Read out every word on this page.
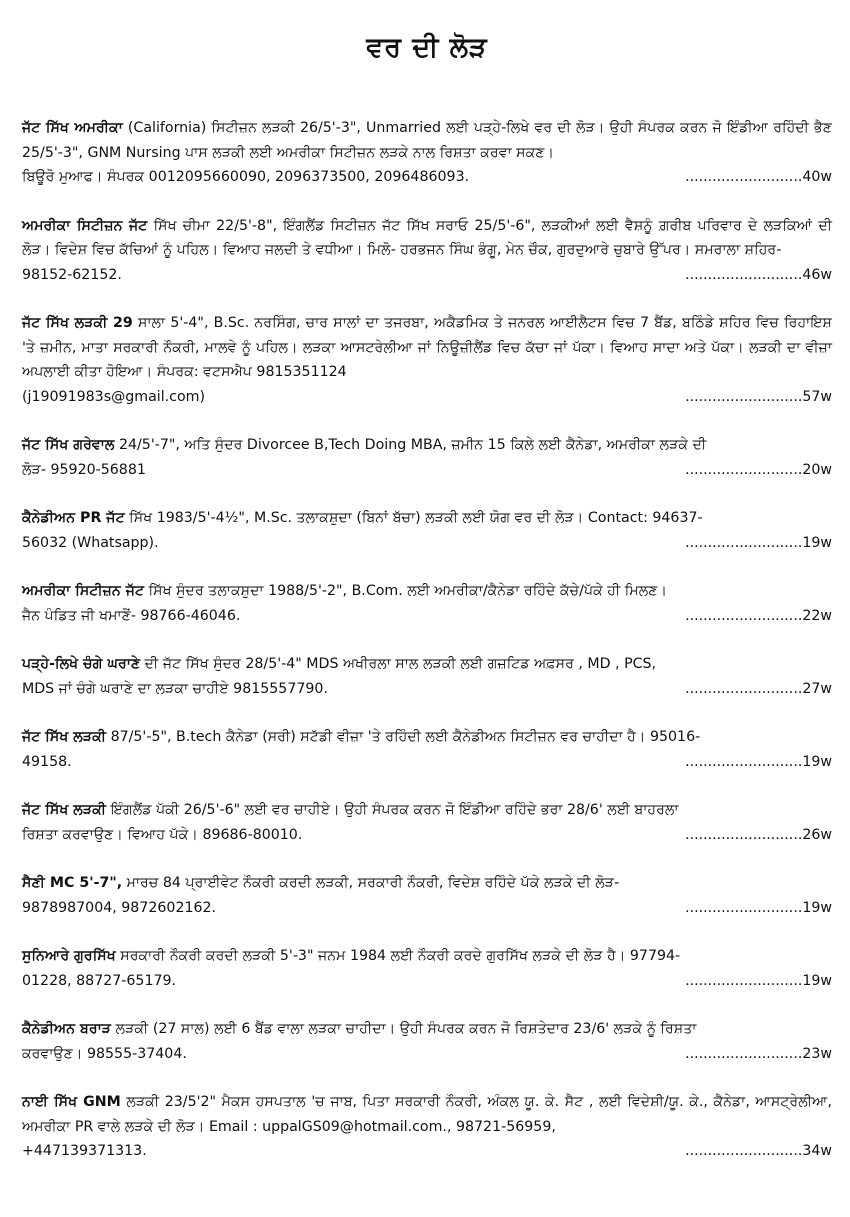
ਵਰ ਦੀ ਲੋੜ
ਜੱਟ ਸਿੱਖ ਅਮਰੀਕਾ (California) ਸਿਟੀਜ਼ਨ ਲੜਕੀ 26/5'-3", Unmarried ਲਈ ਪੜ੍ਹੇ-ਲਿਖੇ ਵਰ ਦੀ ਲੋੜ। ਉਹੀ ਸੰਪਰਕ ਕਰਨ ਜੋ ਇੰਡੀਆ ਰਹਿੰਦੀ ਭੈਣ 25/5'-3", GNM Nursing ਪਾਸ ਲੜਕੀ ਲਈ ਅਮਰੀਕਾ ਸਿਟੀਜ਼ਨ ਲੜਕੇ ਨਾਲ ਰਿਸ਼ਤਾ ਕਰਵਾ ਸਕਣ।
ਬਿਊਰੋ ਮੁਆਫ। ਸੰਪਰਕ 0012095660090, 2096373500, 2096486093.	..........................40w
ਅਮਰੀਕਾ ਸਿਟੀਜ਼ਨ ਜੱਟ ਸਿੱਖ ਚੀਮਾ 22/5'-8", ਇੰਗਲੈਂਡ ਸਿਟੀਜ਼ਨ ਜੱਟ ਸਿੱਖ ਸਰਾਓ 25/5'-6", ਲੜਕੀਆਂ ਲਈ ਵੈਸ਼ਨੂੰ ਗ਼ਰੀਬ ਪਰਿਵਾਰ ਦੇ ਲੜਕਿਆਂ ਦੀ ਲੋੜ। ਵਿਦੇਸ਼ ਵਿਚ ਕੱਚਿਆਂ ਨੂੰ ਪਹਿਲ। ਵਿਆਹ ਜਲਦੀ ਤੇ ਵਧੀਆ। ਮਿਲੋ- ਹਰਭਜਨ ਸਿੰਘ ਭੰਗੂ, ਮੇਨ ਚੌਕ, ਗੁਰਦੁਆਰੇ ਚੁਬਾਰੇ ਉੱਪਰ। ਸਮਰਾਲਾ ਸ਼ਹਿਰ-
98152-62152.	..........................46w
ਜੱਟ ਸਿੱਖ ਲੜਕੀ 29 ਸਾਲਾ 5'-4", B.Sc. ਨਰਸਿੰਗ, ਚਾਰ ਸਾਲਾਂ ਦਾ ਤਜਰਬਾ, ਅਕੈਡਮਿਕ ਤੇ ਜਨਰਲ ਆਈਲੈਟਸ ਵਿਚ 7 ਬੈਂਡ, ਬਠਿੰਡੇ ਸ਼ਹਿਰ ਵਿਚ ਰਿਹਾਇਸ਼ 'ਤੇ ਜ਼ਮੀਨ, ਮਾਤਾ ਸਰਕਾਰੀ ਨੌਕਰੀ, ਮਾਲਵੇ ਨੂੰ ਪਹਿਲ। ਲੜਕਾ ਆਸਟਰੇਲੀਆ ਜਾਂ ਨਿਊਜ਼ੀਲੈਂਡ ਵਿਚ ਕੱਚਾ ਜਾਂ ਪੱਕਾ। ਵਿਆਹ ਸਾਦਾ ਅਤੇ ਪੱਕਾ। ਲੜਕੀ ਦਾ ਵੀਜ਼ਾ ਅਪਲਾਈ ਕੀਤਾ ਹੋਇਆ। ਸੰਪਰਕ: ਵਟਸਐਪ 9815351124
(j19091983s@gmail.com)	..........................57w
ਜੱਟ ਸਿੱਖ ਗਰੇਵਾਲ 24/5'-7", ਅਤਿ ਸੁੰਦਰ Divorcee B,Tech Doing MBA, ਜ਼ਮੀਨ 15 ਕਿਲੇ ਲਈ ਕੈਨੇਡਾ, ਅਮਰੀਕਾ ਲੜਕੇ ਦੀ
ਲੋੜ- 95920-56881	..........................20w
ਕੈਨੇਡੀਅਨ PR ਜੱਟ ਸਿੱਖ 1983/5'-4½", M.Sc. ਤਲਾਕਸ਼ੁਦਾ (ਬਿਨਾਂ ਬੱਚਾ) ਲੜਕੀ ਲਈ ਯੋਗ ਵਰ ਦੀ ਲੋੜ। Contact: 94637-
56032 (Whatsapp).	..........................19w
ਅਮਰੀਕਾ ਸਿਟੀਜ਼ਨ ਜੱਟ ਸਿੱਖ ਸੁੰਦਰ ਤਲਾਕਸ਼ੁਦਾ 1988/5'-2", B.Com. ਲਈ ਅਮਰੀਕਾ/ਕੈਨੇਡਾ ਰਹਿੰਦੇ ਕੱਚੇ/ਪੱਕੇ ਹੀ ਮਿਲਣ।
ਜੈਨ ਪੰਡਿਤ ਜੀ ਖਮਾਣੋਂ- 98766-46046.	..........................22w
ਪੜ੍ਹੇ-ਲਿਖੇ ਚੰਗੇ ਘਰਾਣੇ ਦੀ ਜੱਟ ਸਿੱਖ ਸੁੰਦਰ 28/5'-4" MDS ਅਖੀਰਲਾ ਸਾਲ ਲੜਕੀ ਲਈ ਗਜ਼ਟਿਡ ਅਫ਼ਸਰ , MD , PCS,
MDS ਜਾਂ ਚੰਗੇ ਘਰਾਣੇ ਦਾ ਲੜਕਾ ਚਾਹੀਏ 9815557790.	..........................27w
ਜੱਟ ਸਿੱਖ ਲੜਕੀ 87/5'-5", B.tech ਕੈਨੇਡਾ (ਸਰੀ) ਸਟੱਡੀ ਵੀਜ਼ਾ 'ਤੇ ਰਹਿੰਦੀ ਲਈ ਕੈਨੇਡੀਅਨ ਸਿਟੀਜ਼ਨ ਵਰ ਚਾਹੀਦਾ ਹੈ। 95016-
49158.	..........................19w
ਜੱਟ ਸਿੱਖ ਲੜਕੀ ਇੰਗਲੈਂਡ ਪੱਕੀ 26/5'-6" ਲਈ ਵਰ ਚਾਹੀਏ। ਉਹੀ ਸੰਪਰਕ ਕਰਨ ਜੋ ਇੰਡੀਆ ਰਹਿੰਦੇ ਭਰਾ 28/6' ਲਈ ਬਾਹਰਲਾ
ਰਿਸ਼ਤਾ ਕਰਵਾਉਣ। ਵਿਆਹ ਪੱਕੇ। 89686-80010.	..........................26w
ਸੈਣੀ MC 5'-7", ਮਾਰਚ 84 ਪ੍ਰਾਈਵੇਟ ਨੌਕਰੀ ਕਰਦੀ ਲੜਕੀ, ਸਰਕਾਰੀ ਨੌਕਰੀ, ਵਿਦੇਸ਼ ਰਹਿੰਦੇ ਪੱਕੇ ਲੜਕੇ ਦੀ ਲੋੜ-
9878987004, 9872602162.	..........................19w
ਸੁਨਿਆਰੇ ਗੁਰਸਿੱਖ ਸਰਕਾਰੀ ਨੌਕਰੀ ਕਰਦੀ ਲੜਕੀ 5'-3" ਜਨਮ 1984 ਲਈ ਨੌਕਰੀ ਕਰਦੇ ਗੁਰਸਿੱਖ ਲੜਕੇ ਦੀ ਲੋੜ ਹੈ। 97794-
01228, 88727-65179.	..........................19w
ਕੈਨੇਡੀਅਨ ਬਰਾੜ ਲੜਕੀ (27 ਸਾਲ) ਲਈ 6 ਬੈਂਡ ਵਾਲਾ ਲੜਕਾ ਚਾਹੀਦਾ। ਉਹੀ ਸੰਪਰਕ ਕਰਨ ਜੋ ਰਿਸ਼ਤੇਦਾਰ 23/6' ਲੜਕੇ ਨੂੰ ਰਿਸ਼ਤਾ
ਕਰਵਾਉਣ। 98555-37404.	..........................23w
ਨਾਈ ਸਿੱਖ GNM ਲੜਕੀ 23/5'2" ਮੈਕਸ ਹਸਪਤਾਲ 'ਚ ਜਾਬ, ਪਿਤਾ ਸਰਕਾਰੀ ਨੌਕਰੀ, ਅੰਕਲ ਯੂ. ਕੇ. ਸੈਟ , ਲਈ ਵਿਦੇਸ਼ੀ/ਯੂ. ਕੇ., ਕੈਨੇਡਾ, ਆਸਟ੍ਰੇਲੀਆ, ਅਮਰੀਕਾ PR ਵਾਲੇ ਲੜਕੇ ਦੀ ਲੋੜ। Email : uppalGS09@hotmail.com., 98721-56959,
+447139371313.	..........................34w
